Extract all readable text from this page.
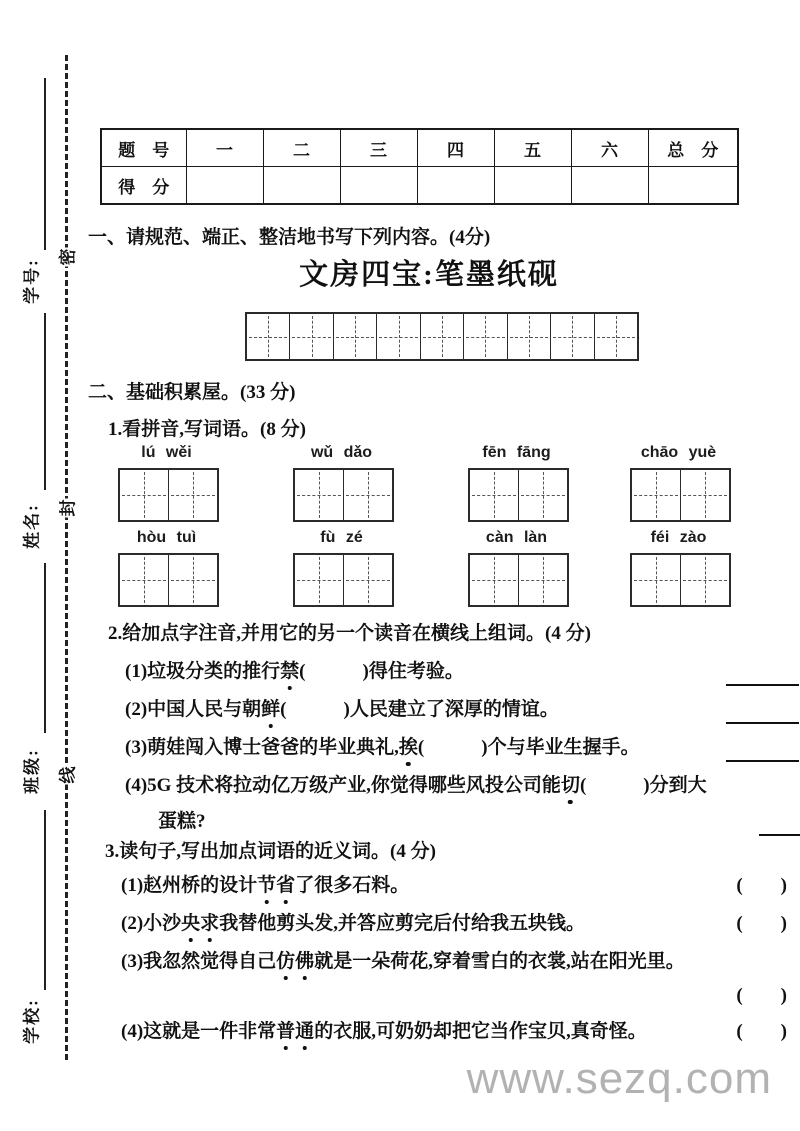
学号:
姓名:
班级:
学校:
密
封
线
题　号	一	二	三	四	五	六	总　分
得　分							
一、请规范、端正、整洁地书写下列内容。(4分)
文房四宝:笔墨纸砚
二、基础积累屋。(33 分)
1.看拼音,写词语。(8 分)
lú wěi	wǔ dǎo	fēn fāng	chāo yuè
hòu tuì	fù zé	càn làn	féi zào
2.给加点字注音,并用它的另一个读音在横线上组词。(4 分)
(1)垃圾分类的推行禁(　　　)得住考验。
(2)中国人民与朝鲜(　　　)人民建立了深厚的情谊。
(3)萌娃闯入博士爸爸的毕业典礼,挨(　　　)个与毕业生握手。
(4)5G 技术将拉动亿万级产业,你觉得哪些风投公司能切(　　　)分到大
蛋糕?
3.读句子,写出加点词语的近义词。(4 分)
(1)赵州桥的设计节省了很多石料。	(　　)
(2)小沙央求我替他剪头发,并答应剪完后付给我五块钱。	(　　)
(3)我忽然觉得自己仿佛就是一朵荷花,穿着雪白的衣裳,站在阳光里。
(　　)
(4)这就是一件非常普通的衣服,可奶奶却把它当作宝贝,真奇怪。	(　　)
www.sezq.com
